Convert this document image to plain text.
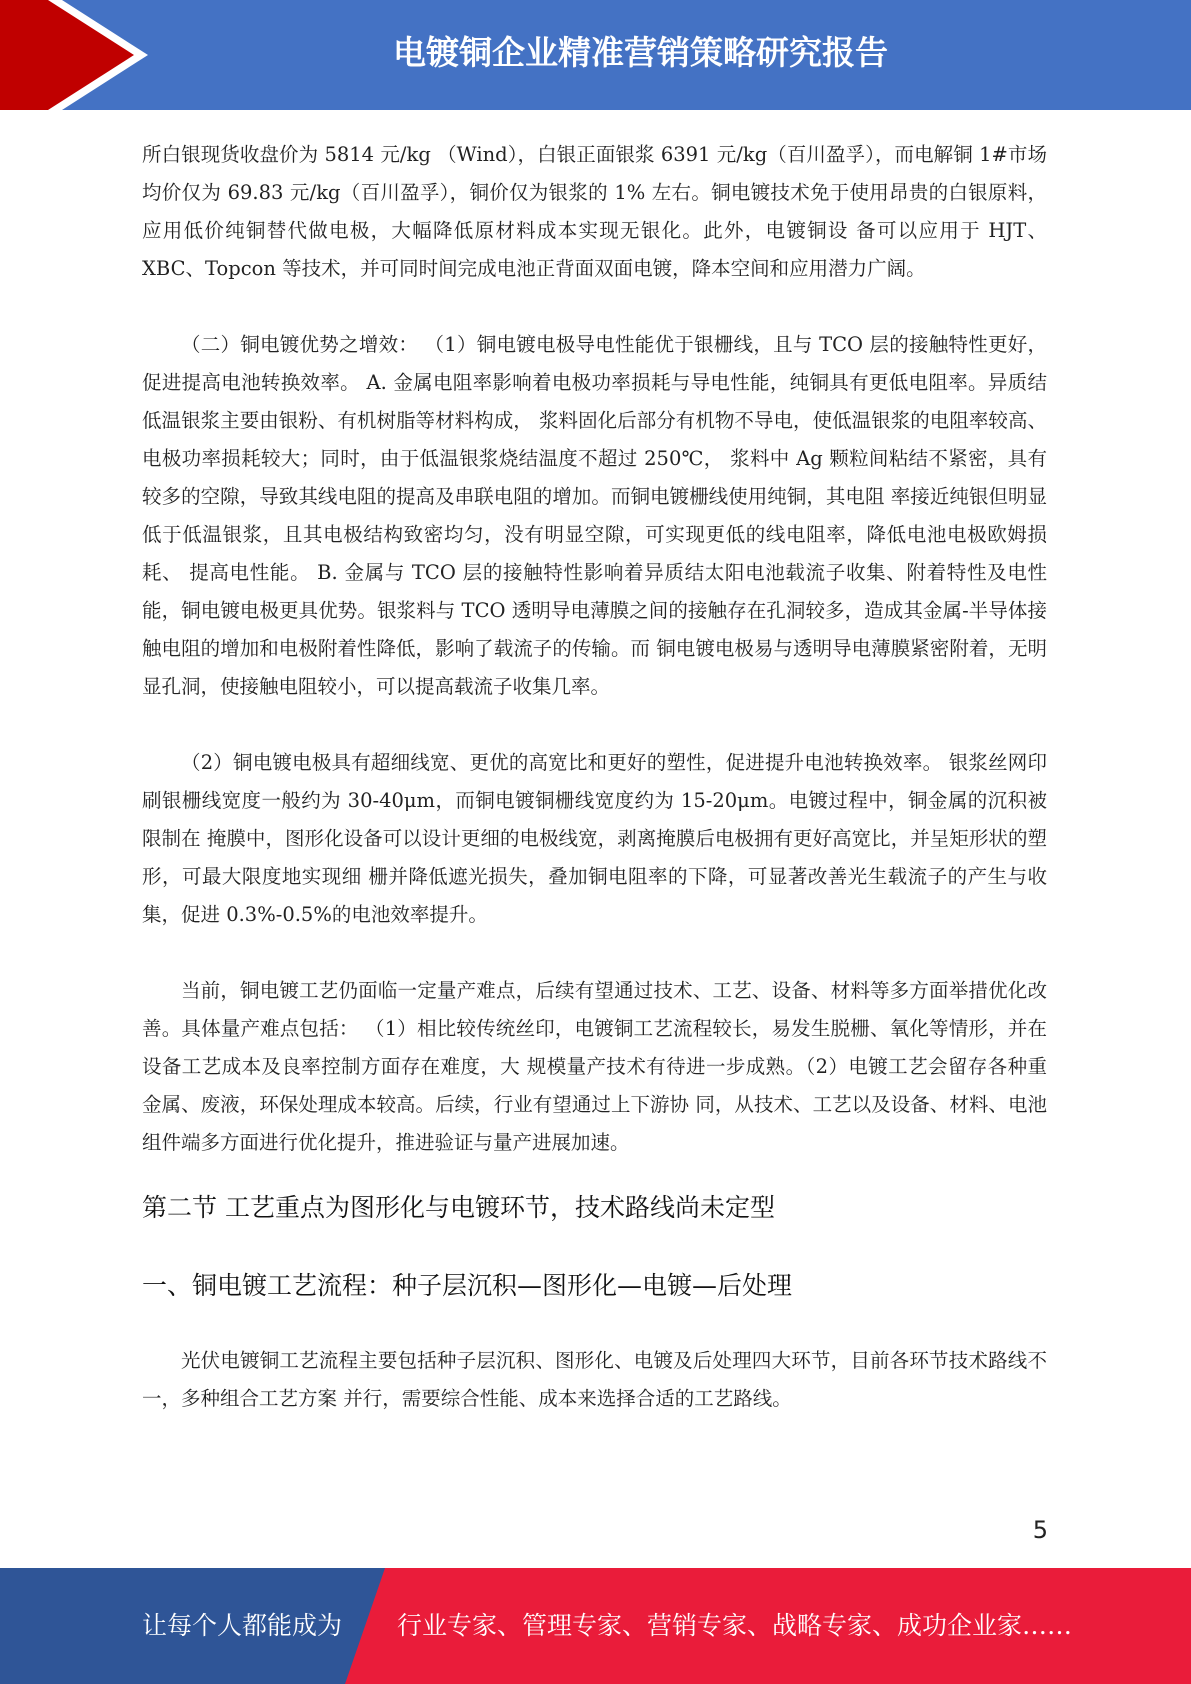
电镀铜企业精准营销策略研究报告

所白银现货收盘价为 5814 元/kg （Wind），白银正面银浆 6391 元/kg（百川盈孚），而电解铜 1#市场均价仅为 69.83 元/kg（百川盈孚），铜价仅为银浆的 1% 左右。铜电镀技术免于使用昂贵的白银原料，应用低价纯铜替代做电极，大幅降低原材料成本实现无银化。此外，电镀铜设 备可以应用于 HJT、XBC、Topcon 等技术，并可同时间完成电池正背面双面电镀，降本空间和应用潜力广阔。

（二）铜电镀优势之增效： （1）铜电镀电极导电性能优于银栅线，且与 TCO 层的接触特性更好，促进提高电池转换效率。 A. 金属电阻率影响着电极功率损耗与导电性能，纯铜具有更低电阻率。异质结低温银浆主要由银粉、有机树脂等材料构成， 浆料固化后部分有机物不导电，使低温银浆的电阻率较高、电极功率损耗较大；同时，由于低温银浆烧结温度不超过 250℃， 浆料中 Ag 颗粒间粘结不紧密，具有较多的空隙，导致其线电阻的提高及串联电阻的增加。而铜电镀栅线使用纯铜，其电阻 率接近纯银但明显低于低温银浆，且其电极结构致密均匀，没有明显空隙，可实现更低的线电阻率，降低电池电极欧姆损耗、 提高电性能。 B. 金属与 TCO 层的接触特性影响着异质结太阳电池载流子收集、附着特性及电性能，铜电镀电极更具优势。银浆料与 TCO 透明导电薄膜之间的接触存在孔洞较多，造成其金属-半导体接触电阻的增加和电极附着性降低，影响了载流子的传输。而 铜电镀电极易与透明导电薄膜紧密附着，无明显孔洞，使接触电阻较小，可以提高载流子收集几率。

（2）铜电镀电极具有超细线宽、更优的高宽比和更好的塑性，促进提升电池转换效率。 银浆丝网印刷银栅线宽度一般约为 30-40μm，而铜电镀铜栅线宽度约为 15-20μm。电镀过程中，铜金属的沉积被限制在 掩膜中，图形化设备可以设计更细的电极线宽，剥离掩膜后电极拥有更好高宽比，并呈矩形状的塑形，可最大限度地实现细 栅并降低遮光损失，叠加铜电阻率的下降，可显著改善光生载流子的产生与收集，促进 0.3%-0.5%的电池效率提升。

当前，铜电镀工艺仍面临一定量产难点，后续有望通过技术、工艺、设备、材料等多方面举措优化改善。具体量产难点包括： （1）相比较传统丝印，电镀铜工艺流程较长，易发生脱栅、氧化等情形，并在设备工艺成本及良率控制方面存在难度，大 规模量产技术有待进一步成熟。（2）电镀工艺会留存各种重金属、废液，环保处理成本较高。后续，行业有望通过上下游协 同，从技术、工艺以及设备、材料、电池组件端多方面进行优化提升，推进验证与量产进展加速。

第二节 工艺重点为图形化与电镀环节，技术路线尚未定型
一、铜电镀工艺流程：种子层沉积—图形化—电镀—后处理

光伏电镀铜工艺流程主要包括种子层沉积、图形化、电镀及后处理四大环节，目前各环节技术路线不一，多种组合工艺方案 并行，需要综合性能、成本来选择合适的工艺路线。

5
让每个人都能成为 行业专家、管理专家、营销专家、战略专家、成功企业家……
